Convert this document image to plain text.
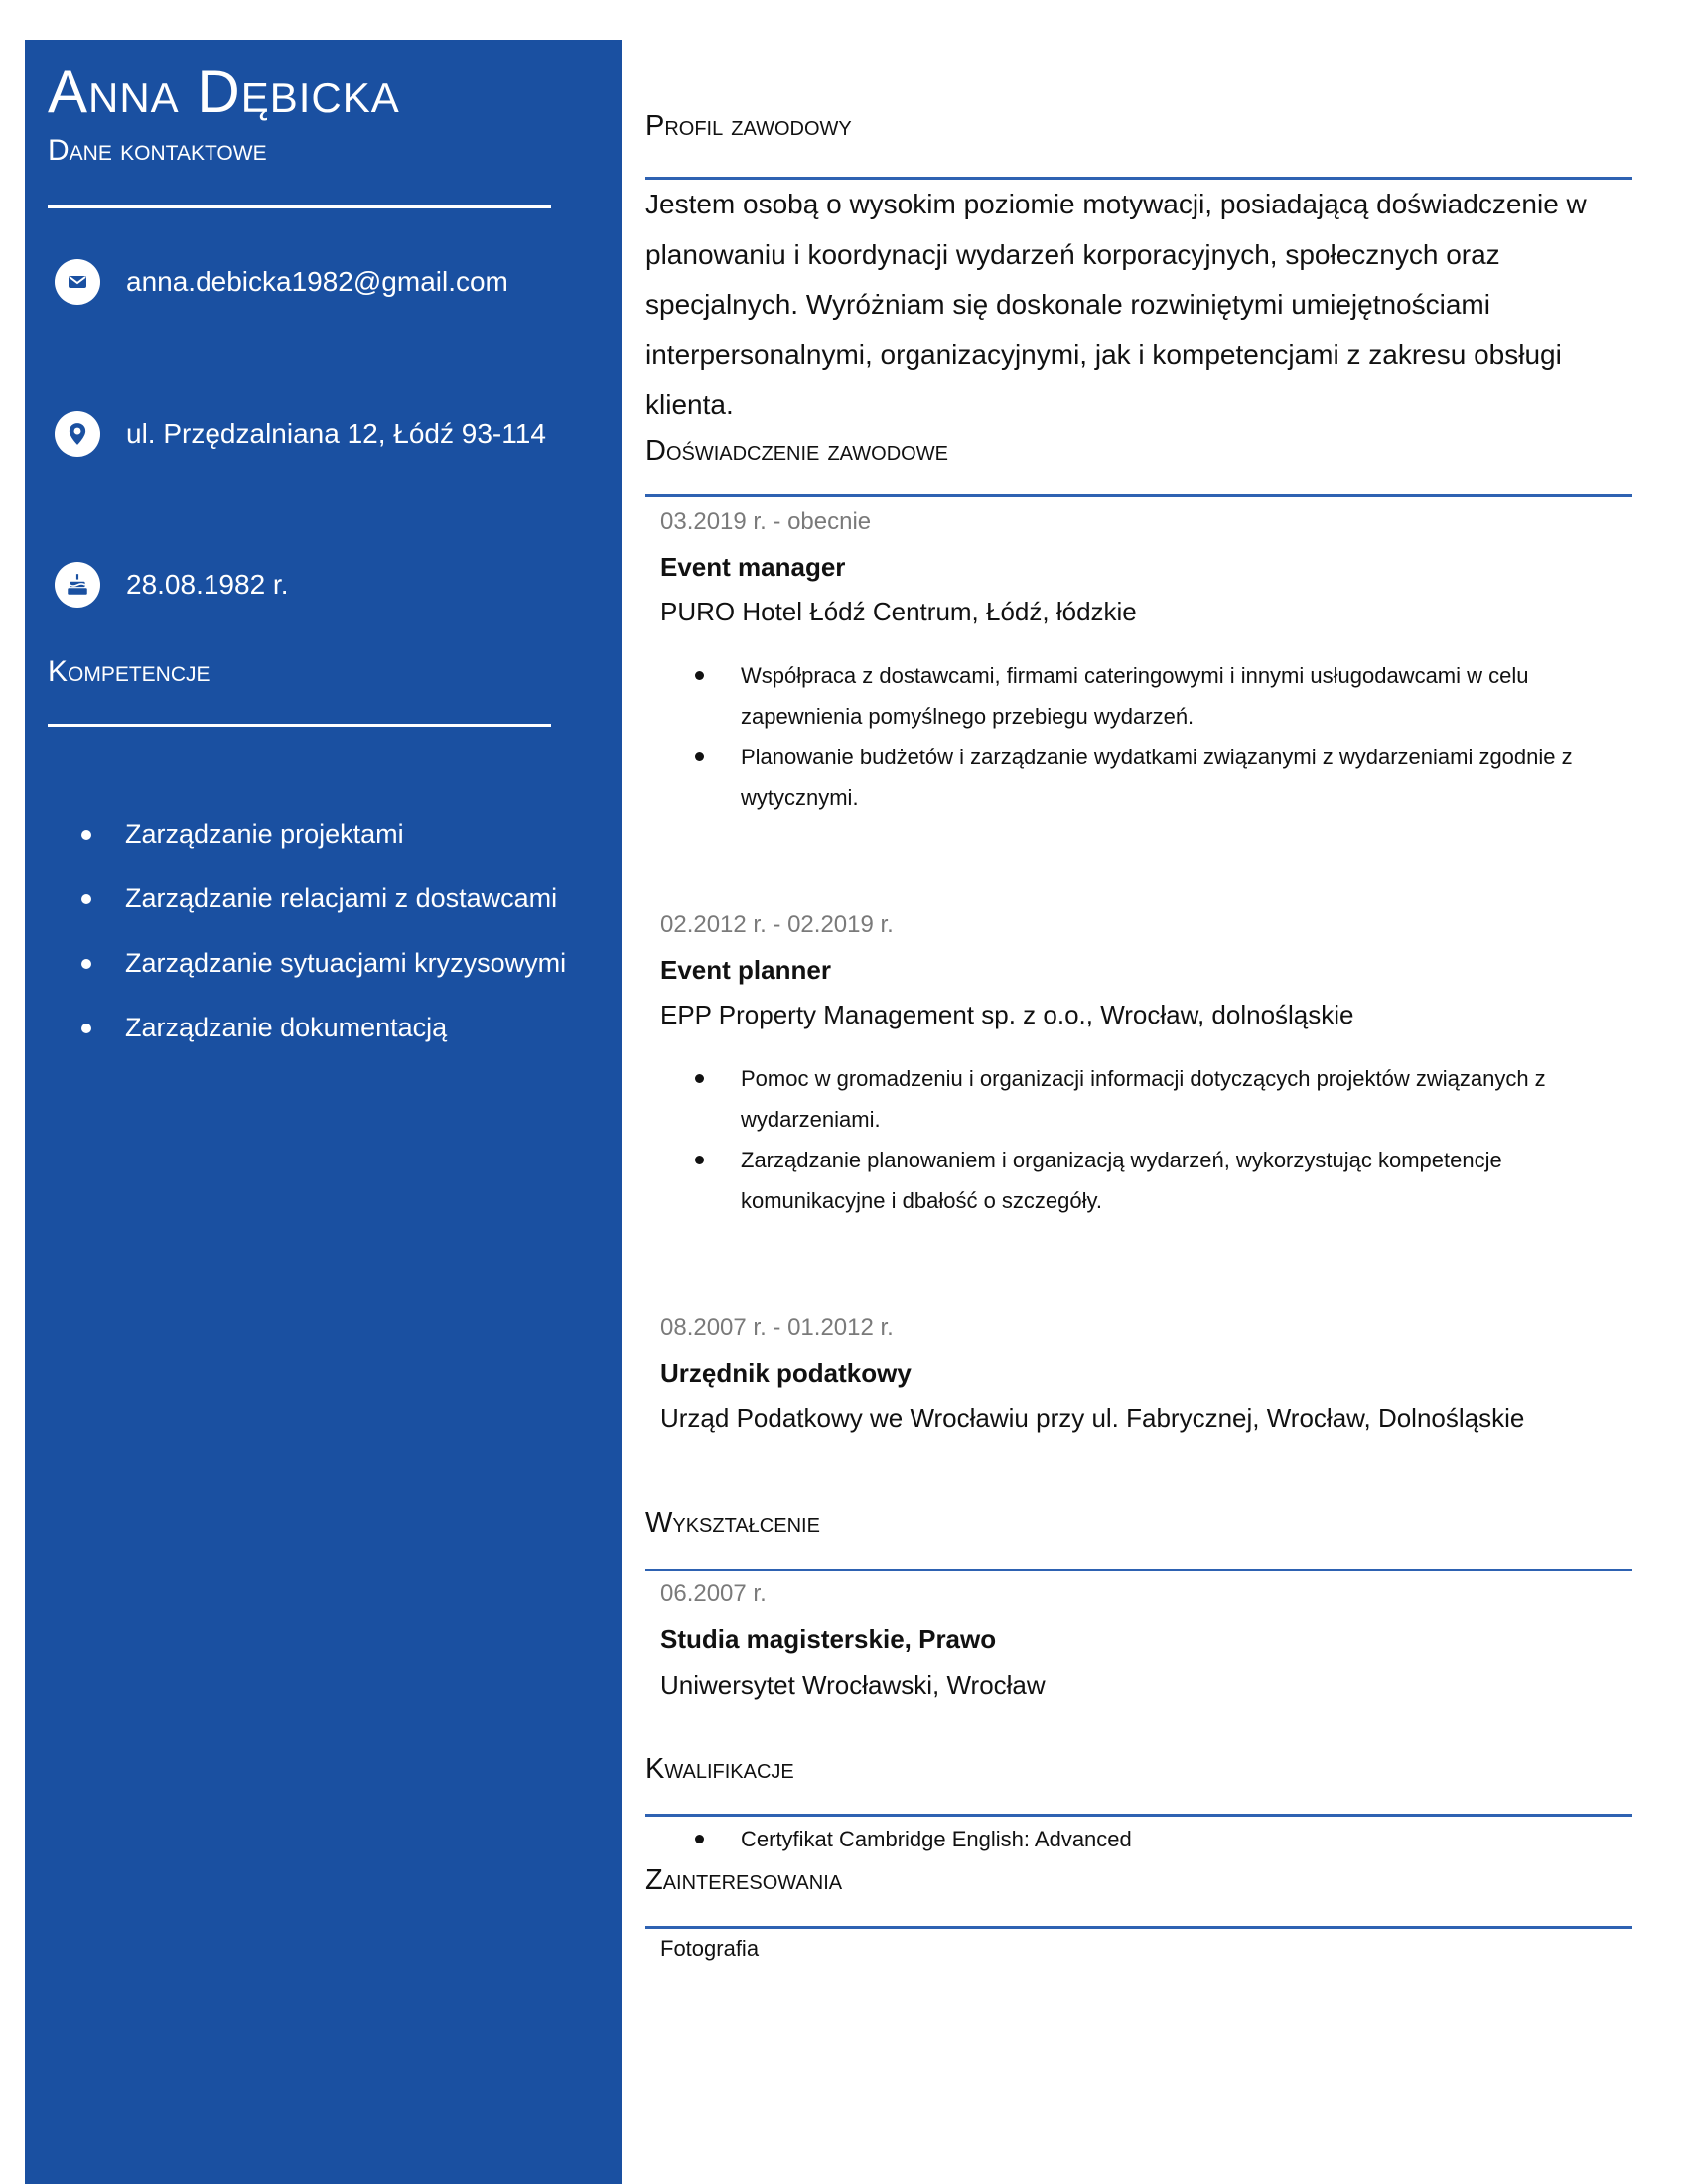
Anna Dębicka
Dane kontaktowe
anna.debicka1982@gmail.com
ul. Przędzalniana 12, Łódź 93-114
28.08.1982 r.
Kompetencje
Zarządzanie projektami
Zarządzanie relacjami z dostawcami
Zarządzanie sytuacjami kryzysowymi
Zarządzanie dokumentacją
Profil zawodowy

Jestem osobą o wysokim poziomie motywacji, posiadającą doświadczenie w planowaniu i koordynacji wydarzeń korporacyjnych, społecznych oraz specjalnych. Wyróżniam się doskonale rozwiniętymi umiejętnościami interpersonalnymi, organizacyjnymi, jak i kompetencjami z zakresu obsługi klienta.

Doświadczenie zawodowe
03.2019 r. - obecnie
Event manager
PURO Hotel Łódź Centrum, Łódź, łódzkie
Współpraca z dostawcami, firmami cateringowymi i innymi usługodawcami w celu zapewnienia pomyślnego przebiegu wydarzeń.
Planowanie budżetów i zarządzanie wydatkami związanymi z wydarzeniami zgodnie z wytycznymi.
02.2012 r. - 02.2019 r.
Event planner
EPP Property Management sp. z o.o., Wrocław, dolnośląskie
Pomoc w gromadzeniu i organizacji informacji dotyczących projektów związanych z wydarzeniami.
Zarządzanie planowaniem i organizacją wydarzeń, wykorzystując kompetencje komunikacyjne i dbałość o szczegóły.
08.2007 r. - 01.2012 r.
Urzędnik podatkowy
Urząd Podatkowy we Wrocławiu przy ul. Fabrycznej, Wrocław, Dolnośląskie
Wykształcenie
06.2007 r.
Studia magisterskie, Prawo
Uniwersytet Wrocławski, Wrocław
Kwalifikacje
Certyfikat Cambridge English: Advanced
Zainteresowania
Fotografia
